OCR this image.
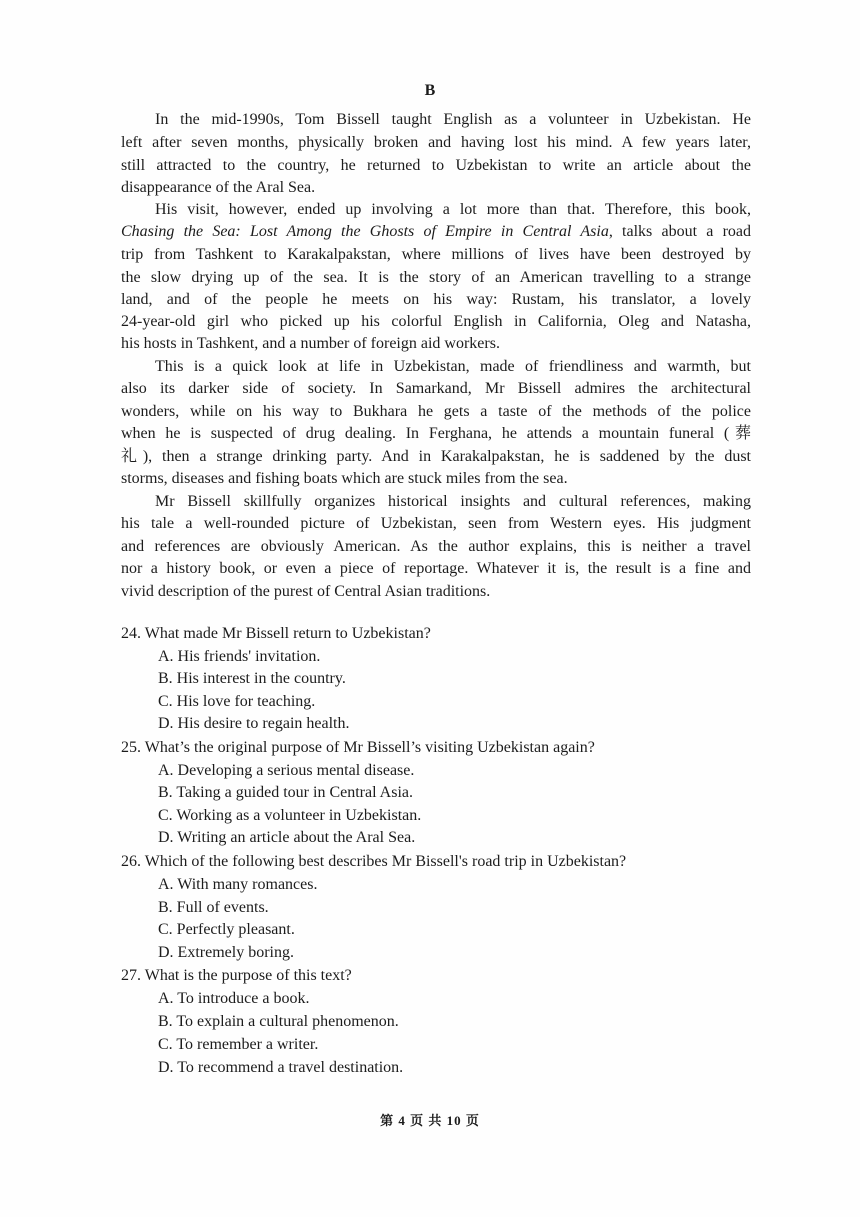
B
In the mid-1990s, Tom Bissell taught English as a volunteer in Uzbekistan. He
left after seven months, physically broken and having lost his mind. A few years later,
still attracted to the country, he returned to Uzbekistan to write an article about the
disappearance of the Aral Sea.
His visit, however, ended up involving a lot more than that. Therefore, this book,
Chasing the Sea: Lost Among the Ghosts of Empire in Central Asia, talks about a road
trip from Tashkent to Karakalpakstan, where millions of lives have been destroyed by
the slow drying up of the sea. It is the story of an American travelling to a strange
land, and of the people he meets on his way: Rustam, his translator, a lovely
24-year-old girl who picked up his colorful English in California, Oleg and Natasha,
his hosts in Tashkent, and a number of foreign aid workers.
This is a quick look at life in Uzbekistan, made of friendliness and warmth, but
also its darker side of society. In Samarkand, Mr Bissell admires the architectural
wonders, while on his way to Bukhara he gets a taste of the methods of the police
when he is suspected of drug dealing. In Ferghana, he attends a mountain funeral (葬
礼), then a strange drinking party. And in Karakalpakstan, he is saddened by the dust
storms, diseases and fishing boats which are stuck miles from the sea.
Mr Bissell skillfully organizes historical insights and cultural references, making
his tale a well-rounded picture of Uzbekistan, seen from Western eyes. His judgment
and references are obviously American. As the author explains, this is neither a travel
nor a history book, or even a piece of reportage. Whatever it is, the result is a fine and
vivid description of the purest of Central Asian traditions.
24. What made Mr Bissell return to Uzbekistan?
A. His friends' invitation.
B. His interest in the country.
C. His love for teaching.
D. His desire to regain health.
25. What’s the original purpose of Mr Bissell’s visiting Uzbekistan again?
A. Developing a serious mental disease.
B. Taking a guided tour in Central Asia.
C. Working as a volunteer in Uzbekistan.
D. Writing an article about the Aral Sea.
26. Which of the following best describes Mr Bissell's road trip in Uzbekistan?
A. With many romances.
B. Full of events.
C. Perfectly pleasant.
D. Extremely boring.
27. What is the purpose of this text?
A. To introduce a book.
B. To explain a cultural phenomenon.
C. To remember a writer.
D. To recommend a travel destination.
第 4 页 共 10 页
